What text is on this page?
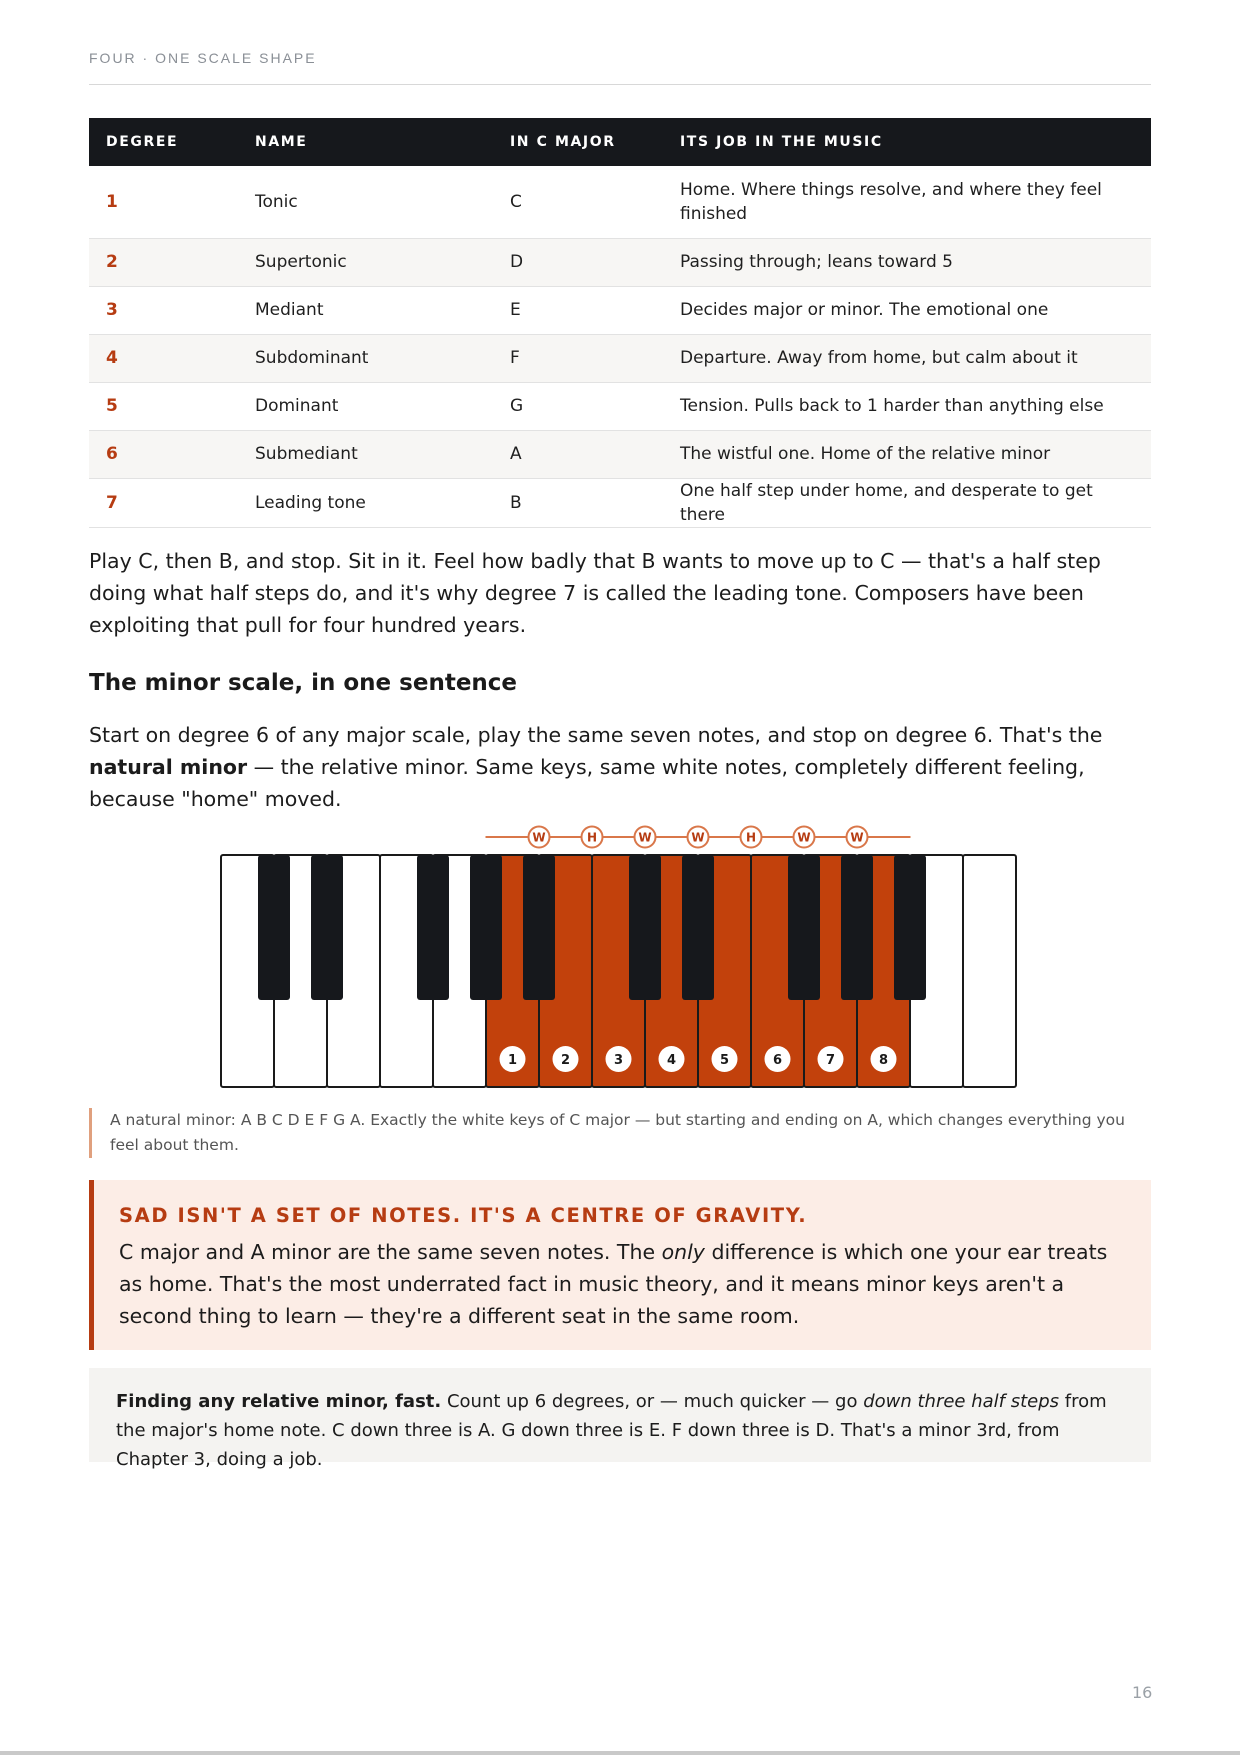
FOUR · ONE SCALE SHAPE
DEGREE	NAME	IN C MAJOR	ITS JOB IN THE MUSIC
1	Tonic	C	Home. Where things resolve, and where they feel finished
2	Supertonic	D	Passing through; leans toward 5
3	Mediant	E	Decides major or minor. The emotional one
4	Subdominant	F	Departure. Away from home, but calm about it
5	Dominant	G	Tension. Pulls back to 1 harder than anything else
6	Submediant	A	The wistful one. Home of the relative minor
7	Leading tone	B	One half step under home, and desperate to get there

Play C, then B, and stop. Sit in it. Feel how badly that B wants to move up to C — that's a half step doing what half steps do, and it's why degree 7 is called the leading tone. Composers have been exploiting that pull for four hundred years.

The minor scale, in one sentence

Start on degree 6 of any major scale, play the same seven notes, and stop on degree 6. That's the natural minor — the relative minor. Same keys, same white notes, completely different feeling, because "home" moved.

W	H	W	W	H	W	W
1	2	3	4	5	6	7	8
A natural minor: A B C D E F G A. Exactly the white keys of C major — but starting and ending on A, which changes everything you feel about them.
SAD ISN'T A SET OF NOTES. IT'S A CENTRE OF GRAVITY.
C major and A minor are the same seven notes. The only difference is which one your ear treats as home. That's the most underrated fact in music theory, and it means minor keys aren't a second thing to learn — they're a different seat in the same room.
Finding any relative minor, fast. Count up 6 degrees, or — much quicker — go down three half steps from the major's home note. C down three is A. G down three is E. F down three is D. That's a minor 3rd, from Chapter 3, doing a job.
16
